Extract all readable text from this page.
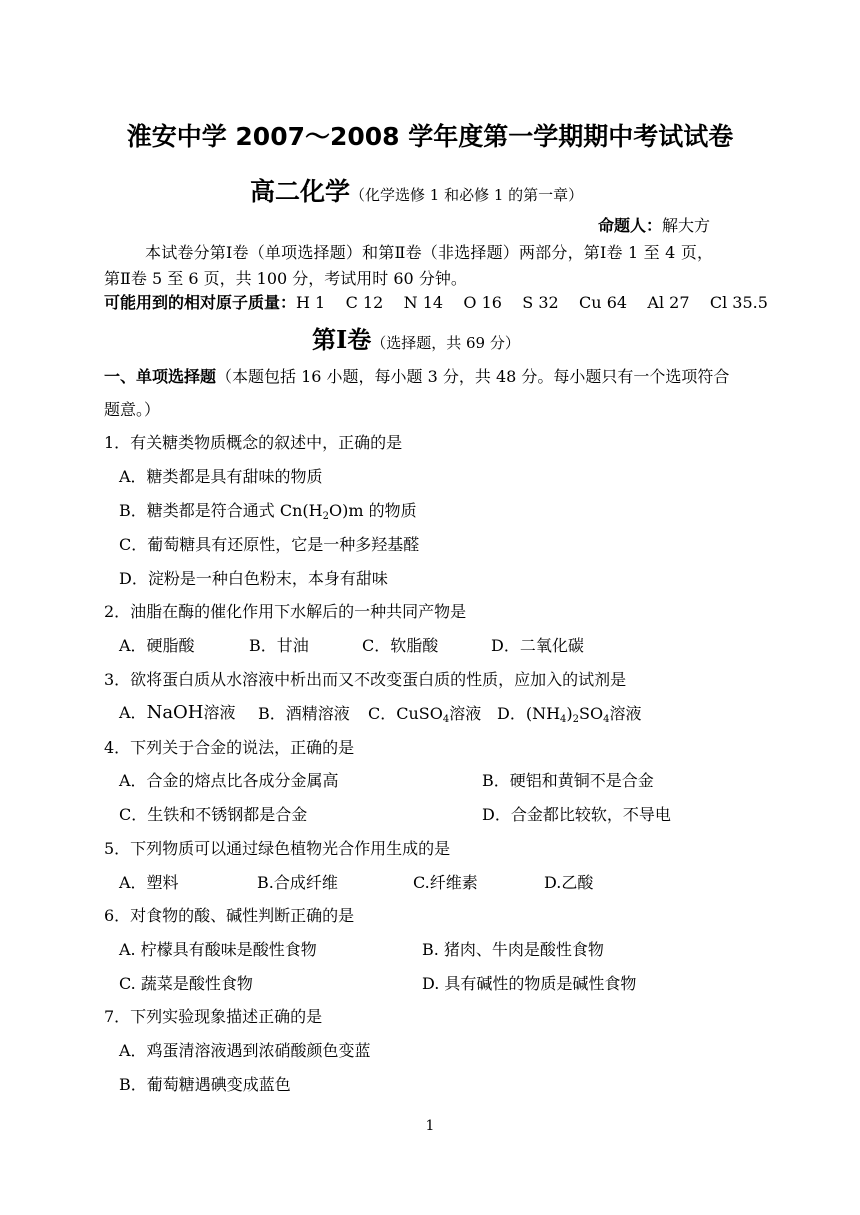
淮安中学 2007～2008 学年度第一学期期中考试试卷
高二化学（化学选修 1 和必修 1 的第一章）
命题人：解大方
本试卷分第Ⅰ卷（单项选择题）和第Ⅱ卷（非选择题）两部分，第Ⅰ卷 1 至 4 页，
第Ⅱ卷 5 至 6 页，共 100 分，考试用时 60 分钟。
可能用到的相对原子质量：H 1    C 12    N 14    O 16    S 32    Cu 64    Al 27    Cl 35.5
第Ⅰ卷（选择题，共 69 分）
一、单项选择题（本题包括 16 小题，每小题 3 分，共 48 分。每小题只有一个选项符合
题意。）
1．有关糖类物质概念的叙述中，正确的是
A．糖类都是具有甜味的物质
B．糖类都是符合通式 Cn(H2O)m 的物质
C．葡萄糖具有还原性，它是一种多羟基醛
D．淀粉是一种白色粉末，本身有甜味
2．油脂在酶的催化作用下水解后的一种共同产物是
A．硬脂酸	B．甘油	C．软脂酸	D．二氧化碳
3．欲将蛋白质从水溶液中析出而又不改变蛋白质的性质，应加入的试剂是
A．NaOH溶液 B．酒精溶液 C．CuSO4溶液 D．(NH4)2SO4溶液
4．下列关于合金的说法，正确的是
A．合金的熔点比各成分金属高	B．硬铝和黄铜不是合金
C．生铁和不锈钢都是合金	D．合金都比较软，不导电
5．下列物质可以通过绿色植物光合作用生成的是
A．塑料	B.合成纤维	C.纤维素	D.乙酸
6．对食物的酸、碱性判断正确的是
A. 柠檬具有酸味是酸性食物	B. 猪肉、牛肉是酸性食物
C. 蔬菜是酸性食物	D. 具有碱性的物质是碱性食物
7．下列实验现象描述正确的是
A．鸡蛋清溶液遇到浓硝酸颜色变蓝
B．葡萄糖遇碘变成蓝色
1
